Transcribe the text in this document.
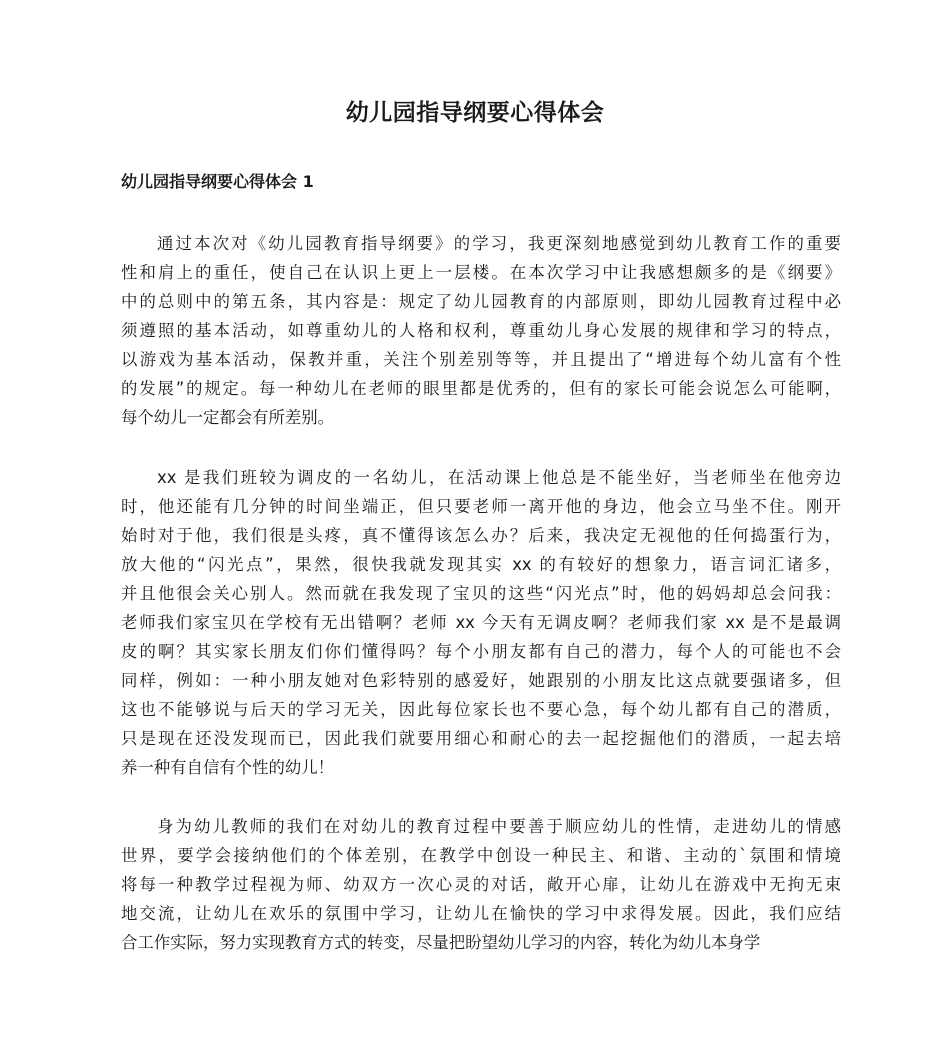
幼儿园指导纲要心得体会
幼儿园指导纲要心得体会 1

通过本次对《幼儿园教育指导纲要》的学习，我更深刻地感觉到幼儿教育工作的重要
性和肩上的重任，使自己在认识上更上一层楼。在本次学习中让我感想颇多的是《纲要》
中的总则中的第五条，其内容是：规定了幼儿园教育的内部原则，即幼儿园教育过程中必
须遵照的基本活动，如尊重幼儿的人格和权利，尊重幼儿身心发展的规律和学习的特点，
以游戏为基本活动，保教并重，关注个别差别等等，并且提出了“增进每个幼儿富有个性
的发展”的规定。每一种幼儿在老师的眼里都是优秀的，但有的家长可能会说怎么可能啊，
每个幼儿一定都会有所差别。

xx 是我们班较为调皮的一名幼儿，在活动课上他总是不能坐好，当老师坐在他旁边
时，他还能有几分钟的时间坐端正，但只要老师一离开他的身边，他会立马坐不住。刚开
始时对于他，我们很是头疼，真不懂得该怎么办？后来，我决定无视他的任何捣蛋行为，
放大他的“闪光点”，果然，很快我就发现其实 xx 的有较好的想象力，语言词汇诸多，
并且他很会关心别人。然而就在我发现了宝贝的这些“闪光点”时，他的妈妈却总会问我：
老师我们家宝贝在学校有无出错啊？老师 xx 今天有无调皮啊？老师我们家 xx 是不是最调
皮的啊？其实家长朋友们你们懂得吗？每个小朋友都有自己的潜力，每个人的可能也不会
同样，例如：一种小朋友她对色彩特别的感爱好，她跟别的小朋友比这点就要强诸多，但
这也不能够说与后天的学习无关，因此每位家长也不要心急，每个幼儿都有自己的潜质，
只是现在还没发现而已，因此我们就要用细心和耐心的去一起挖掘他们的潜质，一起去培
养一种有自信有个性的幼儿！

身为幼儿教师的我们在对幼儿的教育过程中要善于顺应幼儿的性情，走进幼儿的情感
世界，要学会接纳他们的个体差别，在教学中创设一种民主、和谐、主动的`氛围和情境
将每一种教学过程视为师、幼双方一次心灵的对话，敞开心扉，让幼儿在游戏中无拘无束
地交流，让幼儿在欢乐的氛围中学习，让幼儿在愉快的学习中求得发展。因此，我们应结
合工作实际，努力实现教育方式的转变，尽量把盼望幼儿学习的内容，转化为幼儿本身学
